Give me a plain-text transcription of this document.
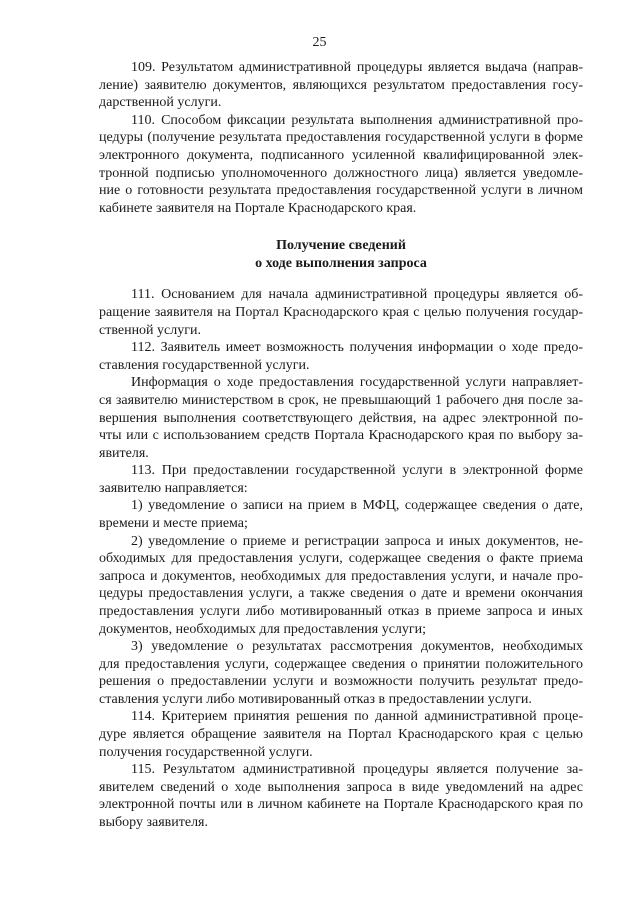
25
109. Результатом административной процедуры является выдача (направ-
ление) заявителю документов, являющихся результатом предоставления госу-
дарственной услуги.
110. Способом фиксации результата выполнения административной про-
цедуры (получение результата предоставления государственной услуги в форме
электронного документа, подписанного усиленной квалифицированной элек-
тронной подписью уполномоченного должностного лица) является уведомле-
ние о готовности результата предоставления государственной услуги в личном
кабинете заявителя на Портале Краснодарского края.
Получение сведений
о ходе выполнения запроса
111. Основанием для начала административной процедуры является об-
ращение заявителя на Портал Краснодарского края с целью получения государ-
ственной услуги.
112. Заявитель имеет возможность получения информации о ходе предо-
ставления государственной услуги.
Информация о ходе предоставления государственной услуги направляет-
ся заявителю министерством в срок, не превышающий 1 рабочего дня после за-
вершения выполнения соответствующего действия, на адрес электронной по-
чты или с использованием средств Портала Краснодарского края по выбору за-
явителя.
113. При предоставлении государственной услуги в электронной форме
заявителю направляется:
1) уведомление о записи на прием в МФЦ, содержащее сведения о дате,
времени и месте приема;
2) уведомление о приеме и регистрации запроса и иных документов, не-
обходимых для предоставления услуги, содержащее сведения о факте приема
запроса и документов, необходимых для предоставления услуги, и начале про-
цедуры предоставления услуги, а также сведения о дате и времени окончания
предоставления услуги либо мотивированный отказ в приеме запроса и иных
документов, необходимых для предоставления услуги;
3) уведомление о результатах рассмотрения документов, необходимых
для предоставления услуги, содержащее сведения о принятии положительного
решения о предоставлении услуги и возможности получить результат предо-
ставления услуги либо мотивированный отказ в предоставлении услуги.
114. Критерием принятия решения по данной административной проце-
дуре является обращение заявителя на Портал Краснодарского края с целью
получения государственной услуги.
115. Результатом административной процедуры является получение за-
явителем сведений о ходе выполнения запроса в виде уведомлений на адрес
электронной почты или в личном кабинете на Портале Краснодарского края по
выбору заявителя.
